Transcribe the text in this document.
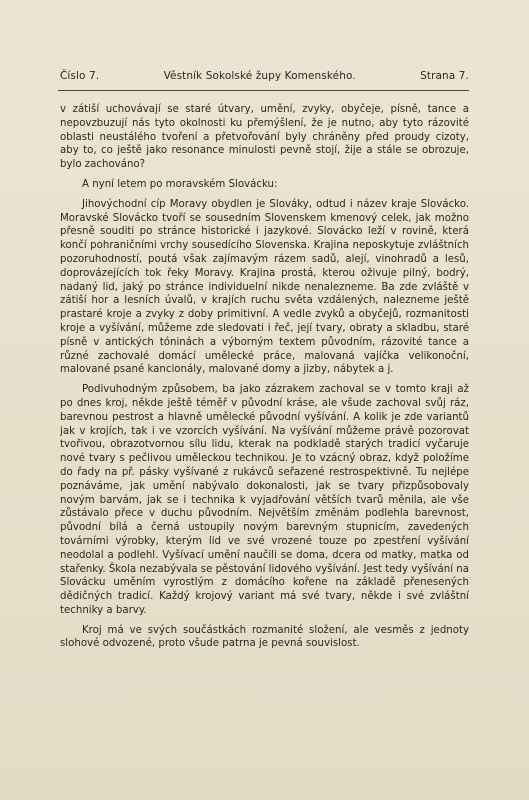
Číslo 7.	Věstník Sokolské župy Komenského.	Strana 7.

v zátiší uchovávají se staré útvary, umění, zvyky, obyčeje, písně, tance a nepovzbuzují nás tyto okolnosti ku přemýšlení, že je nutno, aby tyto rázovité oblasti neustálého tvoření a přetvořování byly chráněny před proudy cizoty, aby to, co ještě jako resonance minulosti pevně stojí, žije a stále se obrozuje, bylo zachováno?

A nyní letem po moravském Slovácku:

Jihovýchodní cíp Moravy obydlen je Slováky, odtud i název kraje Slovácko. Moravské Slovácko tvoří se sousedním Slovenskem kmenový celek, jak možno přesně souditi po stránce historické i jazykové. Slovácko leží v rovině, která končí pohraničními vrchy sousedícího Slovenska. Krajina neposkytuje zvláštních pozoruhodností, poutá však zajímavým rázem sadů, alejí, vinohradů a lesů, doprovázejících tok řeky Moravy. Krajina prostá, kterou oživuje pilný, bodrý, nadaný lid, jaký po stránce individuelní nikde nenalezneme. Ba zde zvláště v zátiší hor a lesních úvalů, v krajích ruchu světa vzdálených, nalezneme ještě prastaré kroje a zvyky z doby primitivní. A vedle zvyků a obyčejů, rozmanitosti kroje a vyšívání, můžeme zde sledovati i řeč, její tvary, obraty a skladbu, staré písně v antických tóninách a výborným textem původním, rázovité tance a různé zachovalé domácí umělecké práce, malovaná vajíčka velikonoční, malované psané kancionály, malované domy a jizby, nábytek a j.

Podivuhodným způsobem, ba jako zázrakem zachoval se v tomto kraji až po dnes kroj, někde ještě téměř v původní kráse, ale všude zachoval svůj ráz, barevnou pestrost a hlavně umělecké původní vyšívání. A kolik je zde variantů jak v krojích, tak i ve vzorcích vyšívání. Na vyšívání můžeme právě pozorovat tvořivou, obrazotvornou sílu lidu, kterak na podkladě starých tradicí vyčaruje nové tvary s pečlivou uměleckou technikou. Je to vzácný obraz, když položíme do řady na př. pásky vyšívané z rukávců seřazené restrospektivně. Tu nejlépe poznáváme, jak umění nabývalo dokonalosti, jak se tvary přizpůsobovaly novým barvám, jak se i technika k vyjadřování větších tvarů měnila, ale vše zůstávalo přece v duchu původním. Největším změnám podlehla barevnost, původní bílá a černá ustoupily novým barevným stupnicím, zavedených továrními výrobky, kterým lid ve své vrozené touze po zpestření vyšívání neodolal a podlehl. Vyšívací umění naučili se doma, dcera od matky, matka od stařenky. Škola nezabývala se pěstování lidového vyšívání. Jest tedy vyšívání na Slovácku uměním vyrostlým z domácího kořene na základě přenesených dědičných tradicí. Každý krojový variant má své tvary, někde i své zvláštní techniky a barvy.

Kroj má ve svých součástkách rozmanité složení, ale vesměs z jednoty slohové odvozené, proto všude patrna je pevná souvislost.
